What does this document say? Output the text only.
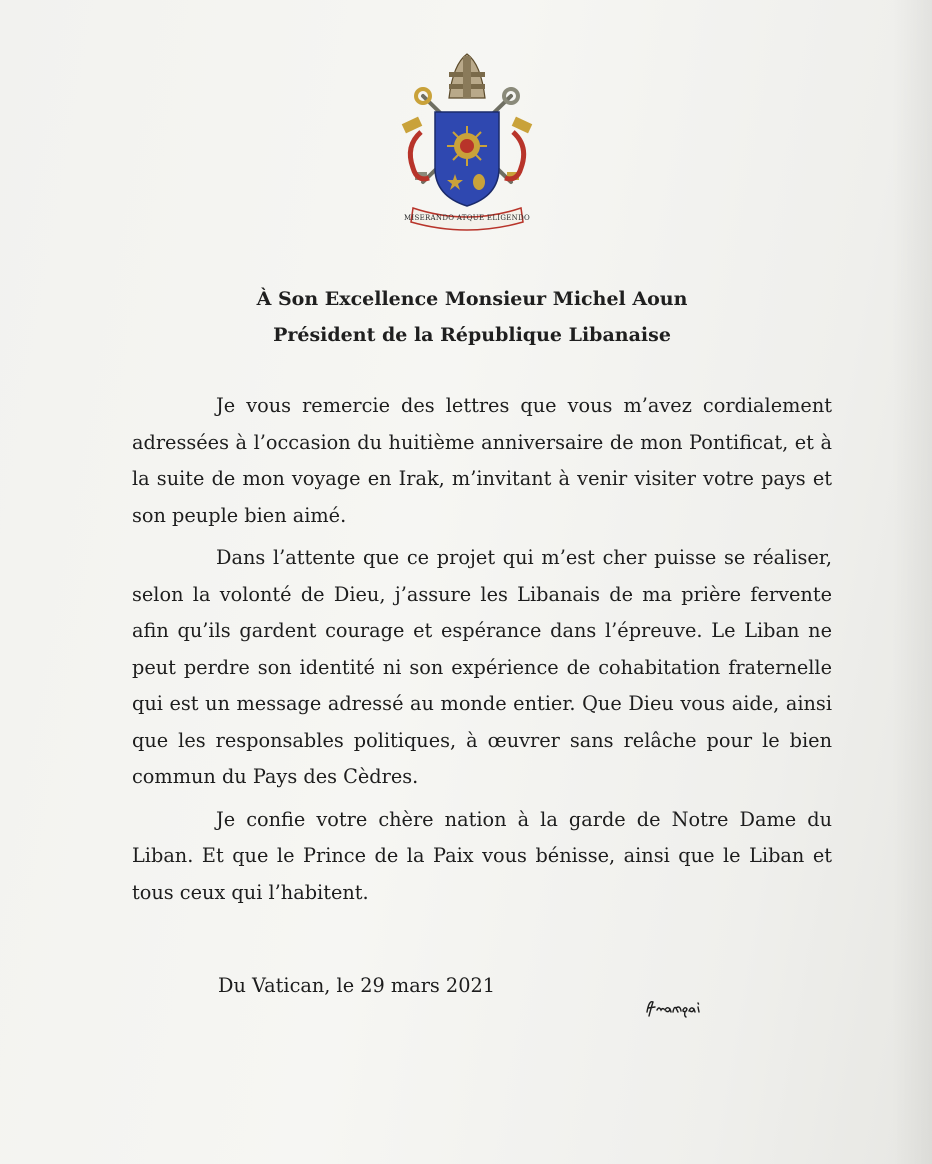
MISERANDO ATQUE ELIGENDO

À Son Excellence Monsieur Michel Aoun

Président de la République Libanaise

Je vous remercie des lettres que vous m’avez cordialement adressées à l’occasion du huitième anniversaire de mon Pontificat, et à la suite de mon voyage en Irak, m’invitant à venir visiter votre pays et son peuple bien aimé.

Dans l’attente que ce projet qui m’est cher puisse se réaliser, selon la volonté de Dieu, j’assure les Libanais de ma prière fervente afin qu’ils gardent courage et espérance dans l’épreuve. Le Liban ne peut perdre son identité ni son expérience de cohabitation fraternelle qui est un message adressé au monde entier. Que Dieu vous aide, ainsi que les responsables politiques, à œuvrer sans relâche pour le bien commun du Pays des Cèdres.

Je confie votre chère nation à la garde de Notre Dame du Liban. Et que le Prince de la Paix vous bénisse, ainsi que le Liban et tous ceux qui l’habitent.

Du Vatican, le 29 mars 2021
